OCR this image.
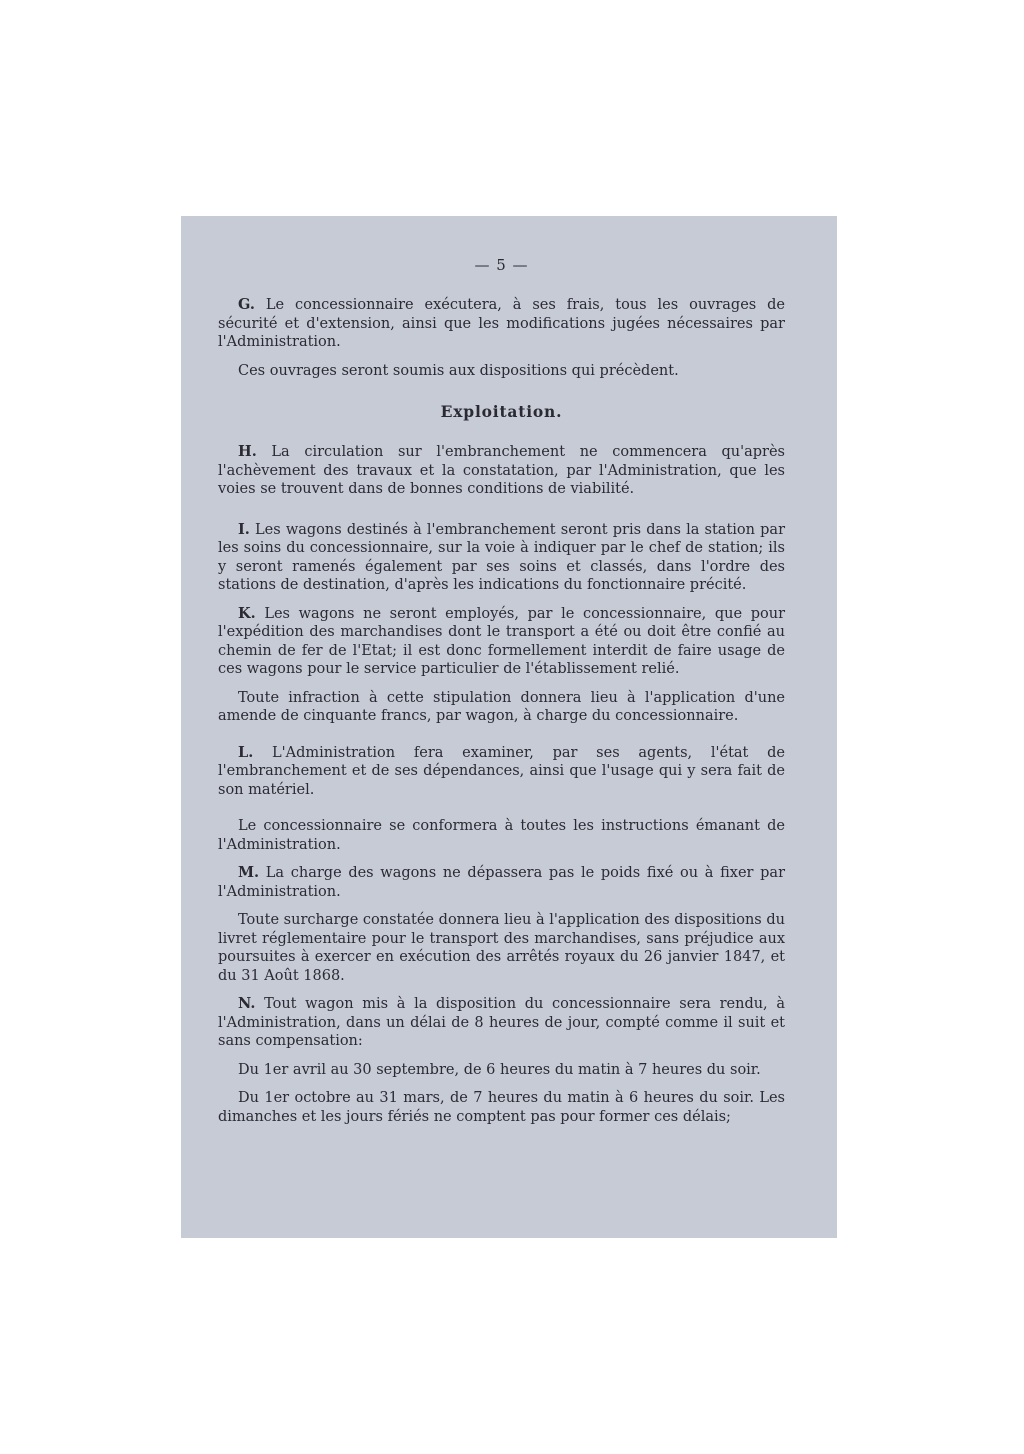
— 5 —

G. Le concessionnaire exécutera, à ses frais, tous les ouvrages de sécurité et d'extension, ainsi que les modifications jugées nécessaires par l'Administration.

Ces ouvrages seront soumis aux dispositions qui précèdent.

Exploitation.

H. La circulation sur l'embranchement ne commencera qu'après l'achèvement des travaux et la constatation, par l'Administration, que les voies se trouvent dans de bonnes conditions de viabilité.

I. Les wagons destinés à l'embranchement seront pris dans la station par les soins du concessionnaire, sur la voie à indiquer par le chef de station; ils y seront ramenés également par ses soins et classés, dans l'ordre des stations de destination, d'après les indications du fonctionnaire précité.

K. Les wagons ne seront employés, par le concessionnaire, que pour l'expédition des marchandises dont le transport a été ou doit être confié au chemin de fer de l'Etat; il est donc formellement interdit de faire usage de ces wagons pour le service particulier de l'établissement relié.

Toute infraction à cette stipulation donnera lieu à l'application d'une amende de cinquante francs, par wagon, à charge du concessionnaire.

L. L'Administration fera examiner, par ses agents, l'état de l'embranchement et de ses dépendances, ainsi que l'usage qui y sera fait de son matériel.

Le concessionnaire se conformera à toutes les instructions émanant de l'Administration.

M. La charge des wagons ne dépassera pas le poids fixé ou à fixer par l'Administration.

Toute surcharge constatée donnera lieu à l'application des dispositions du livret réglementaire pour le transport des marchandises, sans préjudice aux poursuites à exercer en exécution des arrêtés royaux du 26 janvier 1847, et du 31 Août 1868.

N. Tout wagon mis à la disposition du concessionnaire sera rendu, à l'Administration, dans un délai de 8 heures de jour, compté comme il suit et sans compensation:

Du 1er avril au 30 septembre, de 6 heures du matin à 7 heures du soir.

Du 1er octobre au 31 mars, de 7 heures du matin à 6 heures du soir. Les dimanches et les jours fériés ne comptent pas pour former ces délais;
